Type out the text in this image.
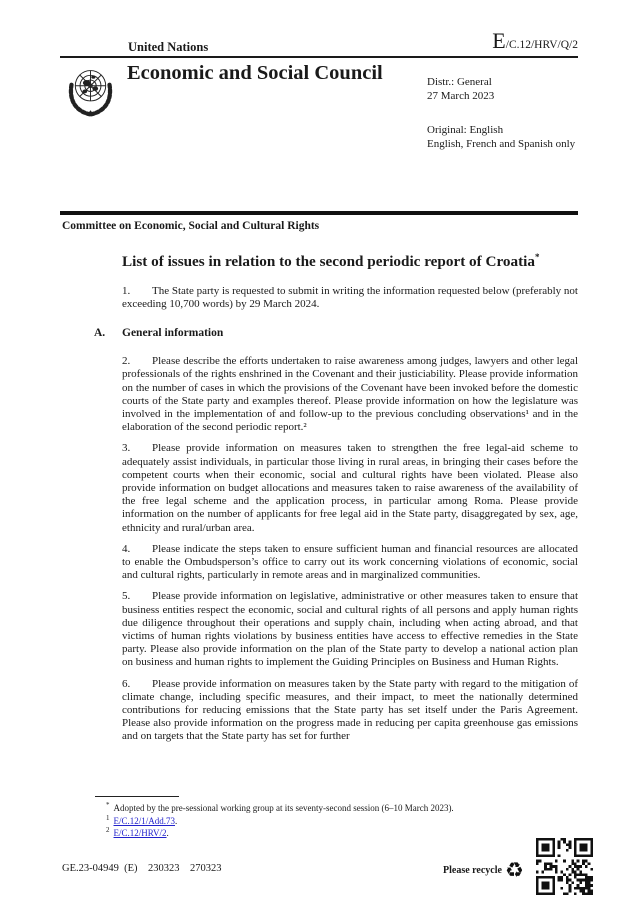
United Nations	E/C.12/HRV/Q/2
Economic and Social Council	Distr.: General
27 March 2023
Original: English
English, French and Spanish only
Committee on Economic, Social and Cultural Rights
List of issues in relation to the second periodic report of Croatia*

1. The State party is requested to submit in writing the information requested below (preferably not exceeding 10,700 words) by 29 March 2024.

A. General information

2. Please describe the efforts undertaken to raise awareness among judges, lawyers and other legal professionals of the rights enshrined in the Covenant and their justiciability. Please provide information on the number of cases in which the provisions of the Covenant have been invoked before the domestic courts of the State party and examples thereof. Please provide information on how the legislature was involved in the implementation of and follow-up to the previous concluding observations¹ and in the elaboration of the second periodic report.²

3. Please provide information on measures taken to strengthen the free legal-aid scheme to adequately assist individuals, in particular those living in rural areas, in bringing their cases before the competent courts when their economic, social and cultural rights have been violated. Please also provide information on budget allocations and measures taken to raise awareness of the availability of the free legal scheme and the application process, in particular among Roma. Please provide information on the number of applicants for free legal aid in the State party, disaggregated by sex, age, ethnicity and rural/urban area.

4. Please indicate the steps taken to ensure sufficient human and financial resources are allocated to enable the Ombudsperson’s office to carry out its work concerning violations of economic, social and cultural rights, particularly in remote areas and in marginalized communities.

5. Please provide information on legislative, administrative or other measures taken to ensure that business entities respect the economic, social and cultural rights of all persons and apply human rights due diligence throughout their operations and supply chain, including when acting abroad, and that victims of human rights violations by business entities have access to effective remedies in the State party. Please also provide information on the plan of the State party to develop a national action plan on business and human rights to implement the Guiding Principles on Business and Human Rights.

6. Please provide information on measures taken by the State party with regard to the mitigation of climate change, including specific measures, and their impact, to meet the nationally determined contributions for reducing emissions that the State party has set itself under the Paris Agreement. Please also provide information on the progress made in reducing per capita greenhouse gas emissions and on targets that the State party has set for further

* Adopted by the pre-sessional working group at its seventy-second session (6–10 March 2023).
$^1$ E/C.12/1/Add.73.
$^2$ E/C.12/HRV/2.
GE.23-04949  (E)    230323    270323	Please recycle ♻
